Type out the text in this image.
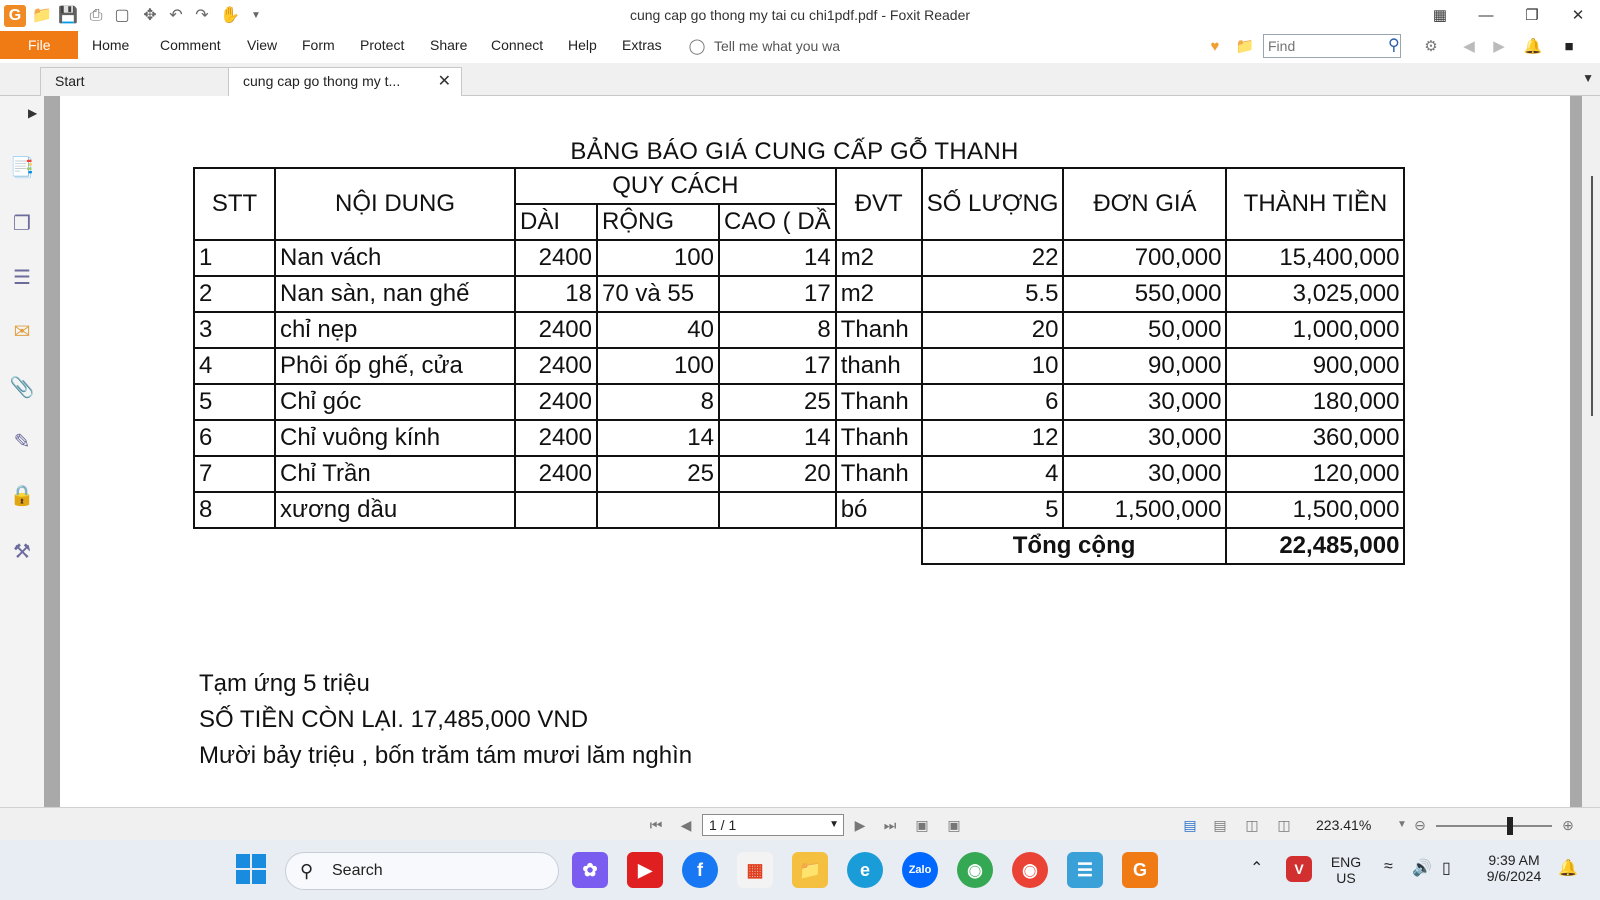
G 📁 💾 ⎙ ▢ ✥ ↶ ↷ ✋	▼	cung cap go thong my tai cu chi1pdf.pdf - Foxit Reader	▦	—	❐	✕
File	Home Comment View Form Protect Share Connect Help Extras ◯ Tell me what you wa	♥	📁
Find	⚲	⚙	◀	▶	🔔	■
Start	cung cap go thong my t... ✕	▼
▶
📑
❐
☰
✉
📎
✎
🔒
⚒
BẢNG BÁO GIÁ CUNG CẤP GỖ THANH
STT	NỘI DUNG	QUY CÁCH			ĐVT	SỐ LƯỢNG	ĐƠN GIÁ	THÀNH TIỀN
		DÀI	RỘNG	CAO ( DẦ				
1	Nan vách	2400	100	14	m2	22	700,000	15,400,000
2	Nan sàn, nan ghế	18	70 và 55	17	m2	5.5	550,000	3,025,000
3	chỉ nẹp	2400	40	8	Thanh	20	50,000	1,000,000
4	Phôi ốp ghế, cửa	2400	100	17	thanh	10	90,000	900,000
5	Chỉ góc	2400	8	25	Thanh	6	30,000	180,000
6	Chỉ vuông kính	2400	14	14	Thanh	12	30,000	360,000
7	Chỉ Trần	2400	25	20	Thanh	4	30,000	120,000
8	xương dầu				bó	5	1,500,000	1,500,000
						Tổng cộng		22,485,000
Tạm ứng 5 triệu
SỐ TIỀN CÒN LẠI. 17,485,000 VND
Mười bảy triệu , bốn trăm tám mươi lăm nghìn
⏮	◀	1 / 1	▼	▶	⏭ ▣ ▣	▤ ▤ ◫ ◫ 223.41%	▼ ⊖	⊕
⚲ Search	✿	▶	f	▦	📁	e	Zalo	◉	◉	☰	G	⌃	V	ENG
US
≈ 🔊 ▯	9:39 AM
9/6/2024	🔔
